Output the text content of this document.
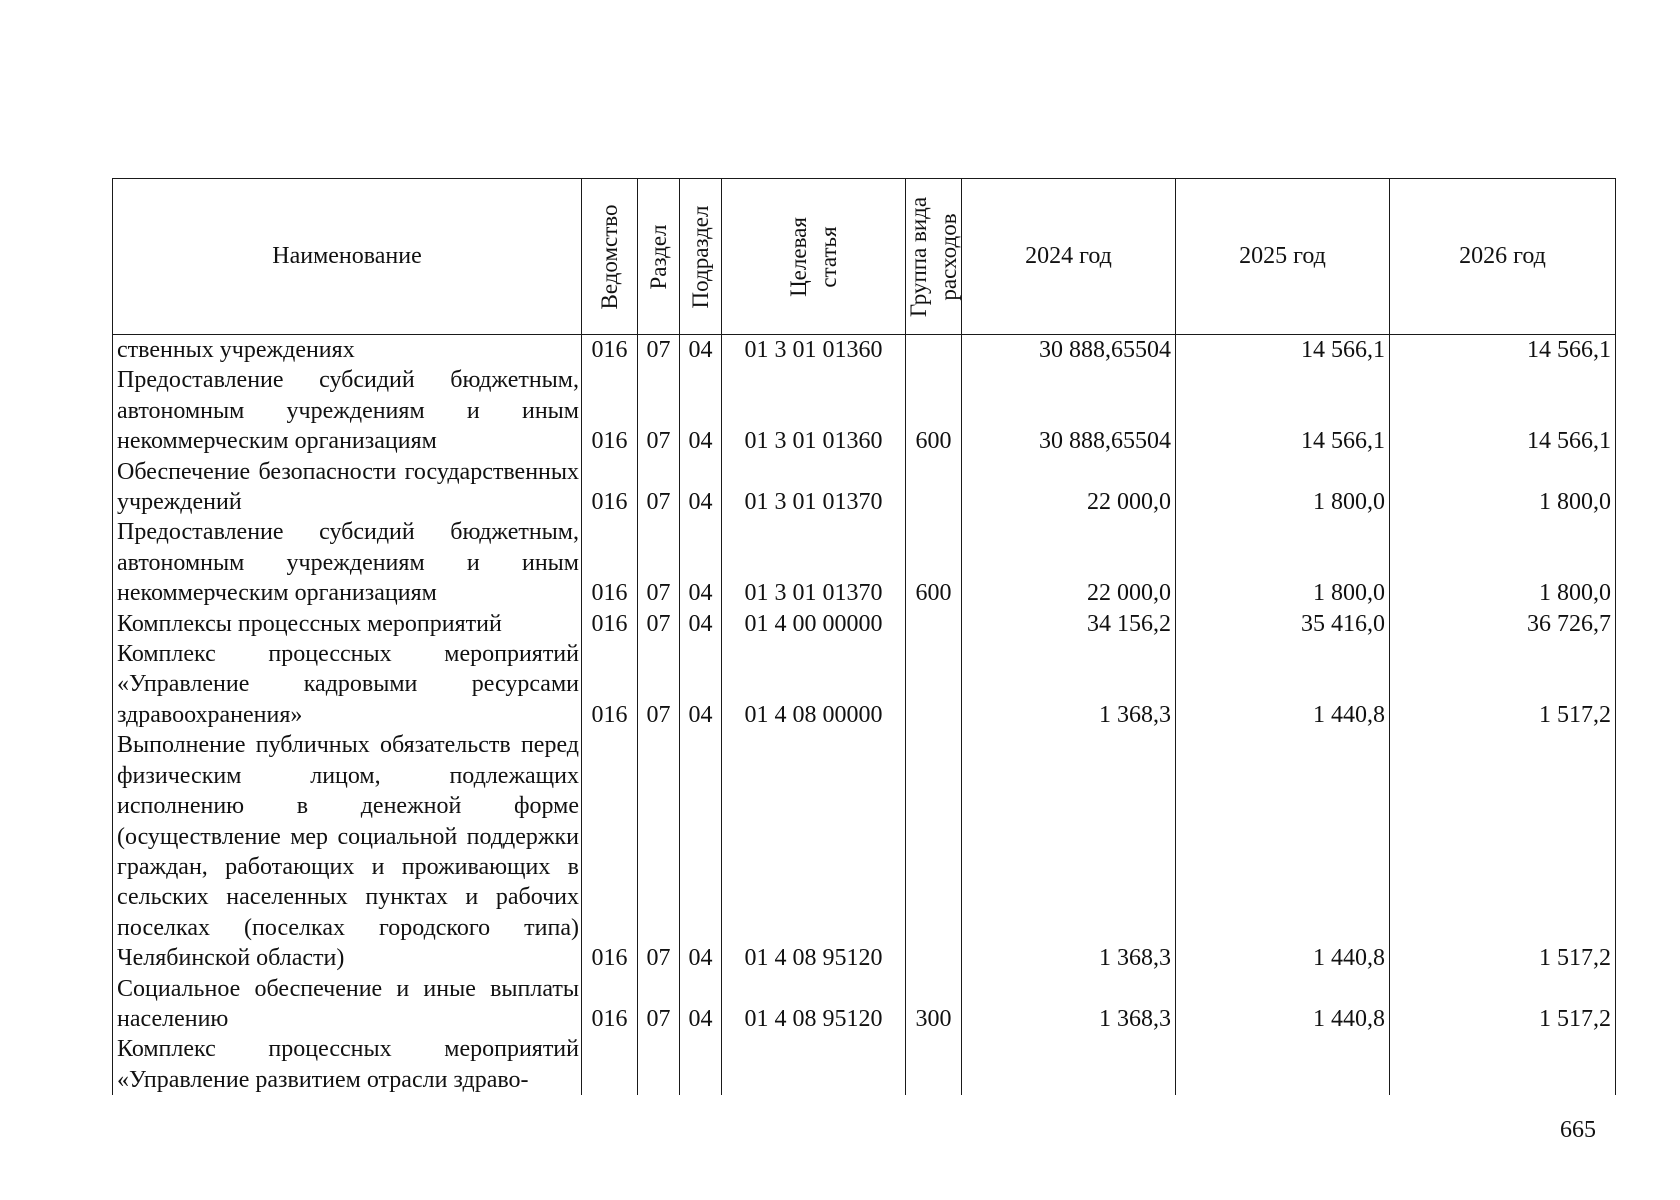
Наименование	Ведомство	Раздел	Подраздел	Целевая статья	Группа вида расходов	2024 год	2025 год	2026 год
ственных учреждениях	016	07	04	01 3 01 01360		30 888,65504	14 566,1	14 566,1
Предоставление субсидий бюджетным, автономным учреждениям и иным некоммерческим организациям	016	07	04	01 3 01 01360	600	30 888,65504	14 566,1	14 566,1
Обеспечение безопасности государственных учреждений	016	07	04	01 3 01 01370		22 000,0	1 800,0	1 800,0
Предоставление субсидий бюджетным, автономным учреждениям и иным некоммерческим организациям	016	07	04	01 3 01 01370	600	22 000,0	1 800,0	1 800,0
Комплексы процессных мероприятий	016	07	04	01 4 00 00000		34 156,2	35 416,0	36 726,7
Комплекс процессных мероприятий «Управление кадровыми ресурсами здравоохранения»	016	07	04	01 4 08 00000		1 368,3	1 440,8	1 517,2
Выполнение публичных обязательств перед физическим лицом, подлежащих исполнению в денежной форме (осуществление мер социальной поддержки граждан, работающих и проживающих в сельских населенных пунктах и рабочих поселках (поселках городского типа) Челябинской области)	016	07	04	01 4 08 95120		1 368,3	1 440,8	1 517,2
Социальное обеспечение и иные выплаты населению	016	07	04	01 4 08 95120	300	1 368,3	1 440,8	1 517,2
Комплекс процессных мероприятий «Управление развитием отрасли здраво-								
665
